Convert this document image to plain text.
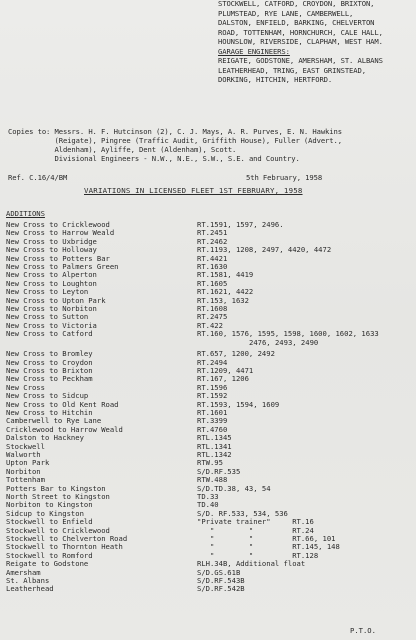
STOCKWELL, CATFORD, CROYDON, BRIXTON,
PLUMSTEAD, RYE LANE, CAMBERWELL,
DALSTON, ENFIELD, BARKING, CHELVERTON
ROAD, TOTTENHAM, HORNCHURCH, CALE HALL,
HOUNSLOW, RIVERSIDE, CLAPHAM, WEST HAM.
GARAGE ENGINEERS:
REIGATE, GODSTONE, AMERSHAM, ST. ALBANS
LEATHERHEAD, TRING, EAST GRINSTEAD,
DORKING, HITCHIN, HERTFORD.
Copies to: Messrs. H. F. Hutcinson (2), C. J. Mays, A. R. Purves, E. N. Hawkins
(Reigate), Pingree (Traffic Audit, Griffith House), Fuller (Advert.,
Aldenham), Ayliffe, Dent (Aldenham), Scott.
Divisional Engineers - N.W., N.E., S.W., S.E. and Country.
Ref. C.16/4/BM	5th February, 1958
VARIATIONS IN LICENSED FLEET 1ST FEBRUARY, 1958
ADDITIONS
New Cross to Cricklewood	RT.1591, 1597, 2496.
New Cross to Harrow Weald	RT.2451
New Cross to Uxbridge	RT.2462
New Cross to Holloway	RT.1193, 1208, 2497, 4420, 4472
New Cross to Potters Bar	RT.4421
New Cross to Palmers Green	RT.1630
New Cross to Alperton	RT.1581, 4419
New Cross to Loughton	RT.1605
New Cross to Leyton	RT.1621, 4422
New Cross to Upton Park	RT.153, 1632
New Cross to Norbiton	RT.1608
New Cross to Sutton	RT.2475
New Cross to Victoria	RT.422
New Cross to Catford	RT.160, 1576, 1595, 1598, 1600, 1602, 1633
2476, 2493, 2490
New Cross to Bromley	RT.657, 1200, 2492
New Cross to Croydon	RT.2494
New Cross to Brixton	RT.1209, 4471
New Cross to Peckham	RT.167, 1206
New Cross	RT.1596
New Cross to Sidcup	RT.1592
New Cross to Old Kent Road	RT.1593, 1594, 1609
New Cross to Hitchin	RT.1601
Camberwell to Rye Lane	RT.3399
Cricklewood to Harrow Weald	RT.4760
Dalston to Hackney	RTL.1345
Stockwell	RTL.1341
Walworth	RTL.1342
Upton Park	RTW.95
Norbiton	S/D.RF.535
Tottenham	RTW.488
Potters Bar to Kingston	S/D.TD.38, 43, 54
North Street to Kingston	TD.33
Norbiton to Kingston	TD.40
Sidcup to Kingston	S/D. RF.533, 534, 536
Stockwell to Enfield	"Private trainer"     RT.16
Stockwell to Cricklewood	"        "         RT.24
Stockwell to Chelverton Road	"        "         RT.66, 101
Stockwell to Thornton Heath	"        "         RT.145, 148
Stockwell to Romford	"        "         RT.128
Reigate to Godstone	RLH.34B, Additional float
Amersham	S/D.GS.61B
St. Albans	S/D.RF.543B
Leatherhead	S/D.RF.542B
P.T.O.
